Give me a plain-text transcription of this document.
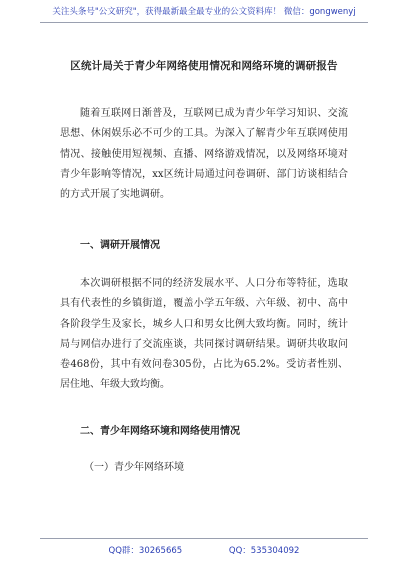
关注头条号"公文研究"，获得最新最全最专业的公文资料库！ 微信：gongwenyj
区统计局关于青少年网络使用情况和网络环境的调研报告

随着互联网日渐普及，互联网已成为青少年学习知识、交流思想、休闲娱乐必不可少的工具。为深入了解青少年互联网使用情况、接触使用短视频、直播、网络游戏情况，以及网络环境对青少年影响等情况，xx区统计局通过问卷调研、部门访谈相结合的方式开展了实地调研。

一、调研开展情况

本次调研根据不同的经济发展水平、人口分布等特征，选取具有代表性的乡镇街道，覆盖小学五年级、六年级、初中、高中各阶段学生及家长，城乡人口和男女比例大致均衡。同时，统计局与网信办进行了交流座谈，共同探讨调研结果。调研共收取问卷468份，其中有效问卷305份，占比为65.2%。受访者性别、居住地、年级大致均衡。

二、青少年网络环境和网络使用情况
（一）青少年网络环境
QQ群：30265665	QQ：535304092
